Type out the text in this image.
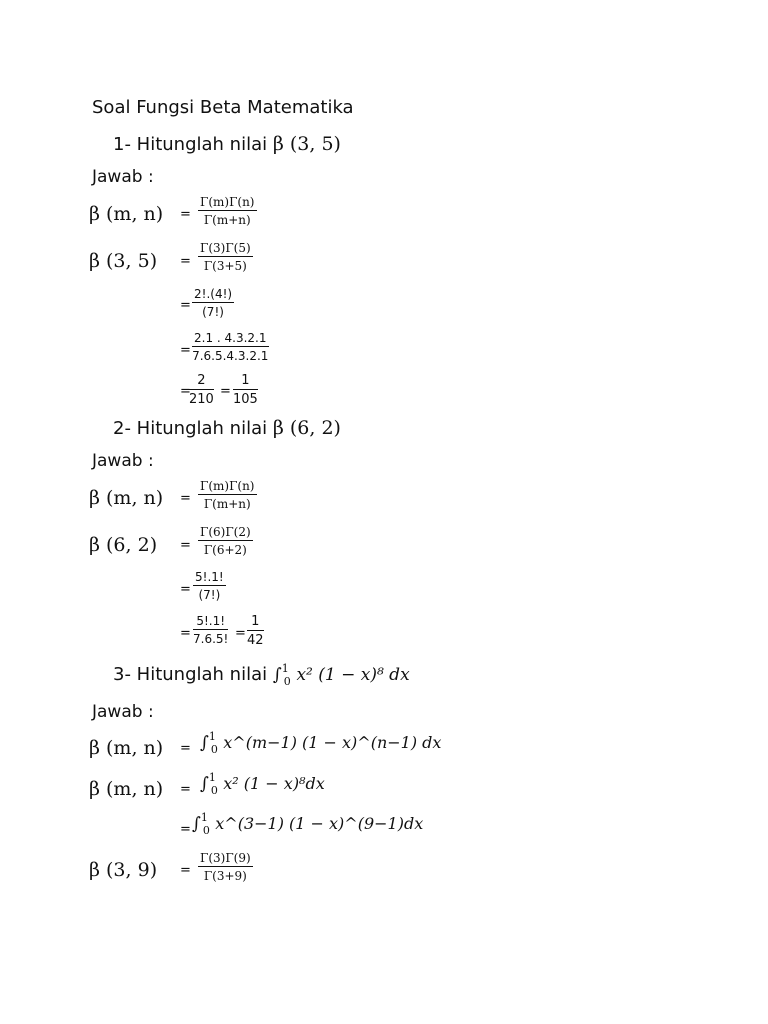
Soal Fungsi Beta Matematika
1- Hitunglah nilai β (3, 5)
Jawab :
β (m, $n) = \frac{\Gamma(m)\Gamma(n)}{\Gamma(m+n)}$
β (3, $5) = \frac{\Gamma(3)\Gamma(5)}{\Gamma(3+5)}$
= $\frac{2!.(4!)}{(7!)}$
= $\frac{2.1 . 4.3.2.1}{7.6.5.4.3.2.1}$
=
$\frac{2}{210} = \frac{1}{105}$
2- Hitunglah nilai β (6, 2)
Jawab :
β (m, $n) = \frac{\Gamma(m)\Gamma(n)}{\Gamma(m+n)}$
β (6, $2) = \frac{\Gamma(6)\Gamma(2)}{\Gamma(6+2)}$
= $\frac{5!.1!}{(7!)}$
= $\frac{5!.1!}{7.6.5!} = \frac{1}{42}$
3- Hitunglah nilai ∫$^1_0$ x² (1 − x)⁸ dx
Jawab :
β (m, n) = ∫$^1_0$ x^(m−1) (1 − x)^(n−1) dx
β (m, n) = ∫$^1_0$ x² (1 − x)⁸dx
= ∫$^1_0$ x^(3−1) (1 − x)^(9−1)dx
β (3, $9) = \frac{\Gamma(3)\Gamma(9)}{\Gamma(3+9)}$
